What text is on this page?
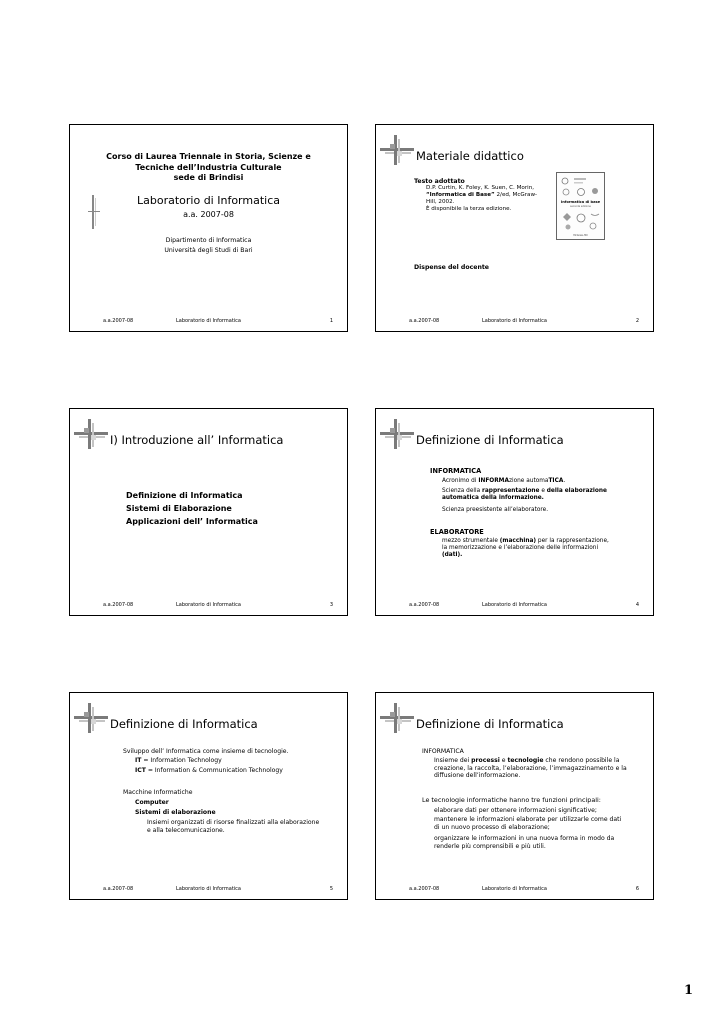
Corso di Laurea Triennale in Storia, Scienze e
Tecniche dell’Industria Culturale
sede di Brindisi
Laboratorio di Informatica
a.a. 2007-08
Dipartimento di Informatica
Università degli Studi di Bari
a.a.2007-08	Laboratorio di Informatica	1
Materiale didattico
Testo adottato
D.P. Curtin, K. Foley, K. Suen, C. Morin,
“Informatica di Base” 2/ed, McGraw-
Hill, 2002.
È disponibile la terza edizione.
Informatica di base
seconda edizione
McGraw-Hill
Dispense del docente
a.a.2007-08	Laboratorio di Informatica	2
I) Introduzione all’ Informatica
Definizione di Informatica
Sistemi di Elaborazione
Applicazioni dell’ Informatica
a.a.2007-08	Laboratorio di Informatica	3
Definizione di Informatica
INFORMATICA
Acronimo di INFORMAzione automaTICA.
Scienza della rappresentazione e della elaborazione
automatica della informazione.
Scienza preesistente all’elaboratore.
ELABORATORE
mezzo strumentale (macchina) per la rappresentazione,
la memorizzazione e l’elaborazione delle informazioni
(dati).
a.a.2007-08	Laboratorio di Informatica	4
Definizione di Informatica
Sviluppo dell’ Informatica come insieme di tecnologie.
IT = Information Technology
ICT = Information & Communication Technology
Macchine Informatiche
Computer
Sistemi di elaborazione
Insiemi organizzati di risorse finalizzati alla elaborazione
e alla telecomunicazione.
a.a.2007-08	Laboratorio di Informatica	5
Definizione di Informatica
INFORMATICA
Insieme dei processi e tecnologie che rendono possibile la
creazione, la raccolta, l’elaborazione, l’immagazzinamento e la
diffusione dell’informazione.
Le tecnologie informatiche hanno tre funzioni principali:
elaborare dati per ottenere informazioni significative;
mantenere le informazioni elaborate per utilizzarle come dati
di un nuovo processo di elaborazione;
organizzare le informazioni in una nuova forma in modo da
renderle più comprensibili e più utili.
a.a.2007-08	Laboratorio di Informatica	6
1
